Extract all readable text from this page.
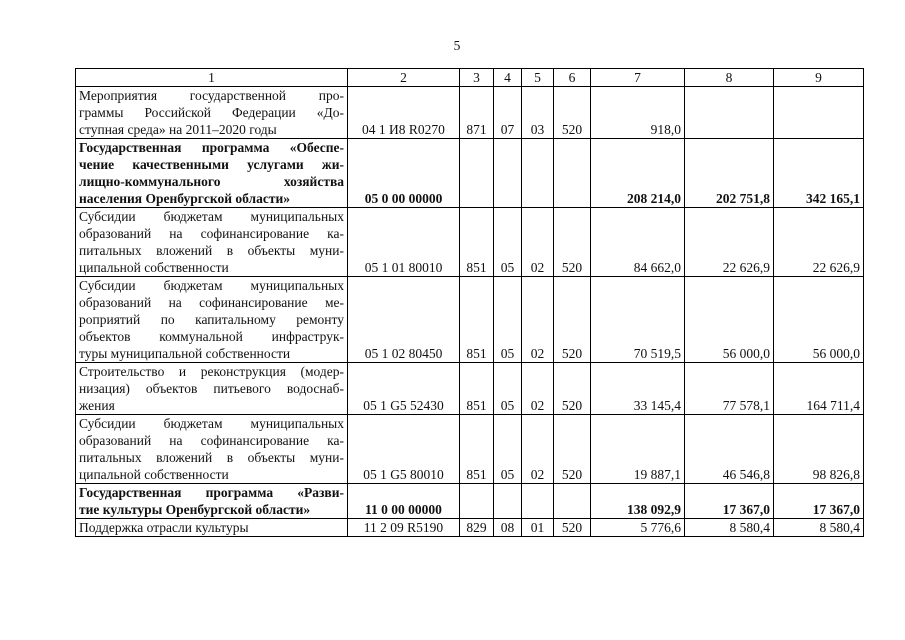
5
1	2	3	4	5	6	7	8	9

Мероприятия государственной про-
граммы Российской Федерации «До-
ступная среда» на 2011–2020 годы	04 1 И8 R0270	871	07	03	520	918,0		

Государственная программа «Обеспе-
чение качественными услугами жи-
лищно-коммунального хозяйства
населения Оренбургской области»	05 0 00 00000					208 214,0	202 751,8	342 165,1

Субсидии бюджетам муниципальных
образований на софинансирование ка-
питальных вложений в объекты муни-
ципальной собственности	05 1 01 80010	851	05	02	520	84 662,0	22 626,9	22 626,9

Субсидии бюджетам муниципальных
образований на софинансирование ме-
роприятий по капитальному ремонту
объектов коммунальной инфраструк-
туры муниципальной собственности	05 1 02 80450	851	05	02	520	70 519,5	56 000,0	56 000,0

Строительство и реконструкция (модер-
низация) объектов питьевого водоснаб-
жения	05 1 G5 52430	851	05	02	520	33 145,4	77 578,1	164 711,4

Субсидии бюджетам муниципальных
образований на софинансирование ка-
питальных вложений в объекты муни-
ципальной собственности	05 1 G5 80010	851	05	02	520	19 887,1	46 546,8	98 826,8

Государственная программа «Разви-
тие культуры Оренбургской области»	11 0 00 00000					138 092,9	17 367,0	17 367,0

Поддержка отрасли культуры	11 2 09 R5190	829	08	01	520	5 776,6	8 580,4	8 580,4
